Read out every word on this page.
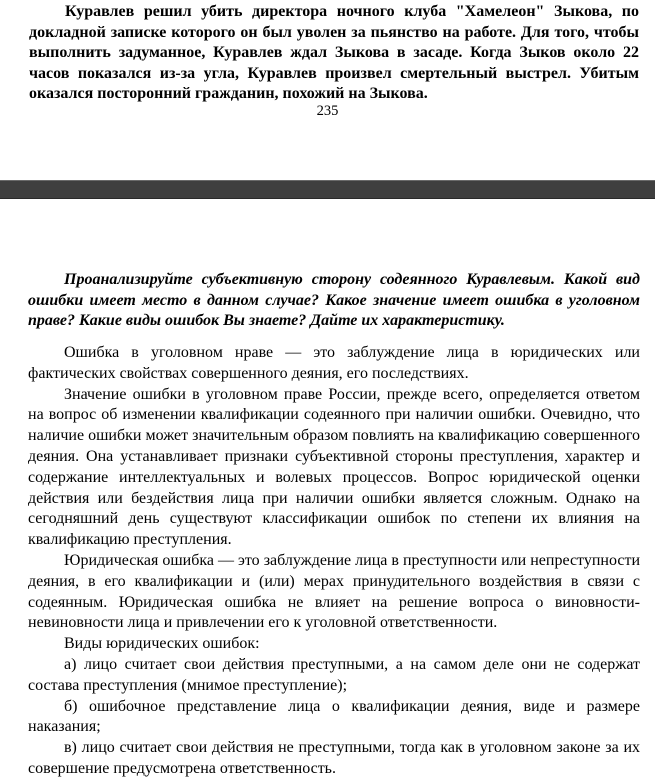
Куравлев решил убить директора ночного клуба "Хамелеон" Зыкова, по докладной записке которого он был уволен за пьянство на работе. Для того, чтобы выполнить задуманное, Куравлев ждал Зыкова в засаде. Когда Зыков около 22 часов показался из-за угла, Куравлев произвел смертельный выстрел. Убитым оказался посторонний гражданин, похожий на Зыкова.

235

Проанализируйте субъективную сторону содеянного Куравлевым. Какой вид ошибки имеет место в данном случае? Какое значение имеет ошибка в уголовном праве? Какие виды ошибок Вы знаете? Дайте их характеристику.

Ошибка в уголовном нраве — это заблуждение лица в юридических или фактических свойствах совершенного деяния, его последствиях.

Значение ошибки в уголовном праве России, прежде всего, определяется ответом на вопрос об изменении квалификации содеянного при наличии ошибки. Очевидно, что наличие ошибки может значительным образом повлиять на квалификацию совершенного деяния. Она устанавливает признаки субъективной стороны преступления, характер и содержание интеллектуальных и волевых процессов. Вопрос юридической оценки действия или бездействия лица при наличии ошибки является сложным. Однако на сегодняшний день существуют классификации ошибок по степени их влияния на квалификацию преступления.

Юридическая ошибка — это заблуждение лица в преступности или непреступности деяния, в его квалификации и (или) мерах принудительного воздействия в связи с содеянным. Юридическая ошибка не влияет на решение вопроса о виновности-невиновности лица и привлечении его к уголовной ответственности.

Виды юридических ошибок:

а) лицо считает свои действия преступными, а на самом деле они не содержат состава преступления (мнимое преступление);

б) ошибочное представление лица о квалификации деяния, виде и размере наказания;

в) лицо считает свои действия не преступными, тогда как в уголовном законе за их совершение предусмотрена ответственность.
